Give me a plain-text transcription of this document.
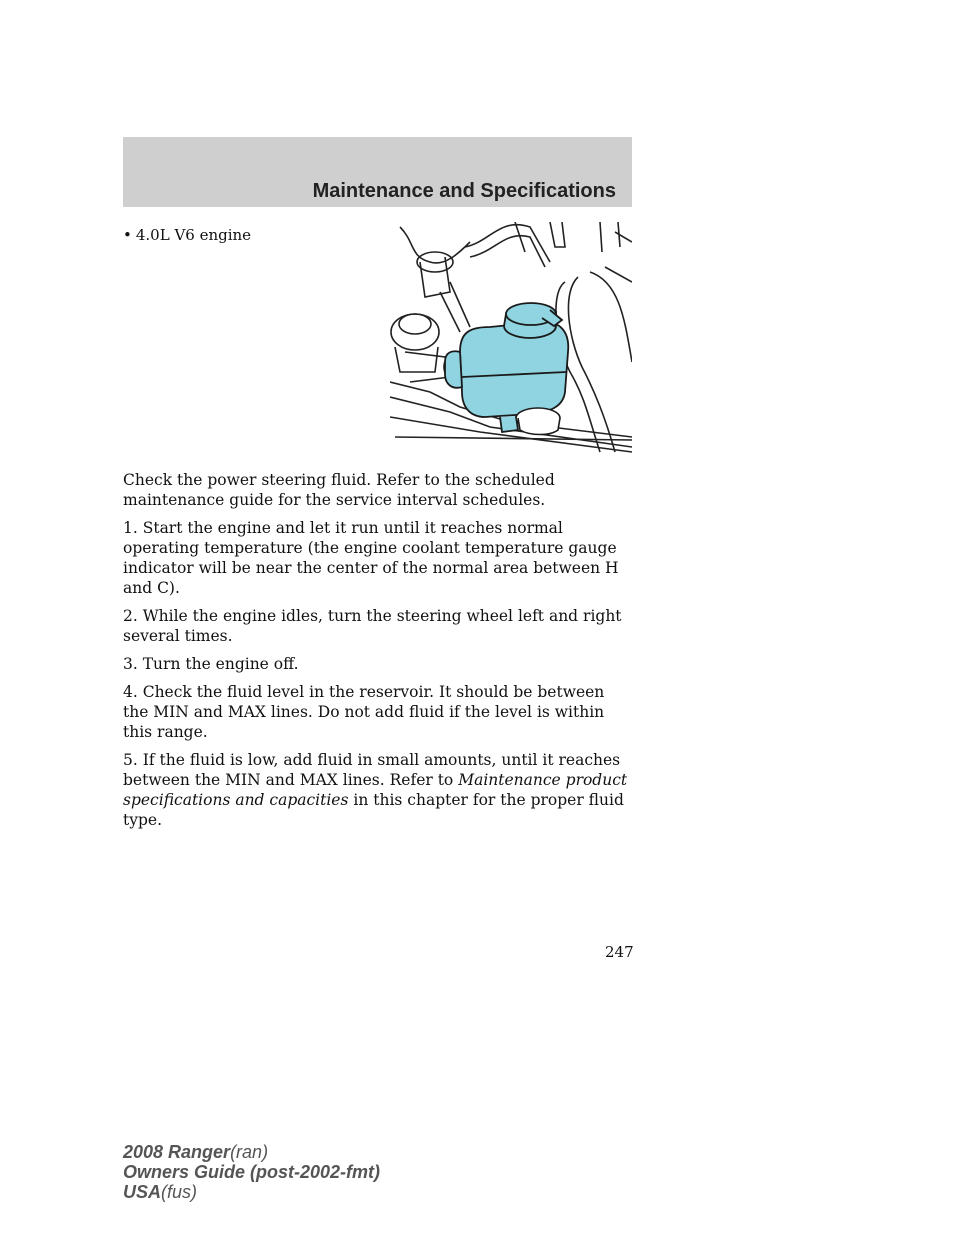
Maintenance and Specifications
• 4.0L V6 engine

Check the power steering fluid. Refer to the scheduled maintenance guide for the service interval schedules.

1. Start the engine and let it run until it reaches normal operating temperature (the engine coolant temperature gauge indicator will be near the center of the normal area between H and C).

2. While the engine idles, turn the steering wheel left and right several times.

3. Turn the engine off.

4. Check the fluid level in the reservoir. It should be between the MIN and MAX lines. Do not add fluid if the level is within this range.

5. If the fluid is low, add fluid in small amounts, until it reaches between the MIN and MAX lines. Refer to Maintenance product specifications and capacities in this chapter for the proper fluid type.

247
2008 Ranger(ran)
Owners Guide (post-2002-fmt)
USA(fus)
